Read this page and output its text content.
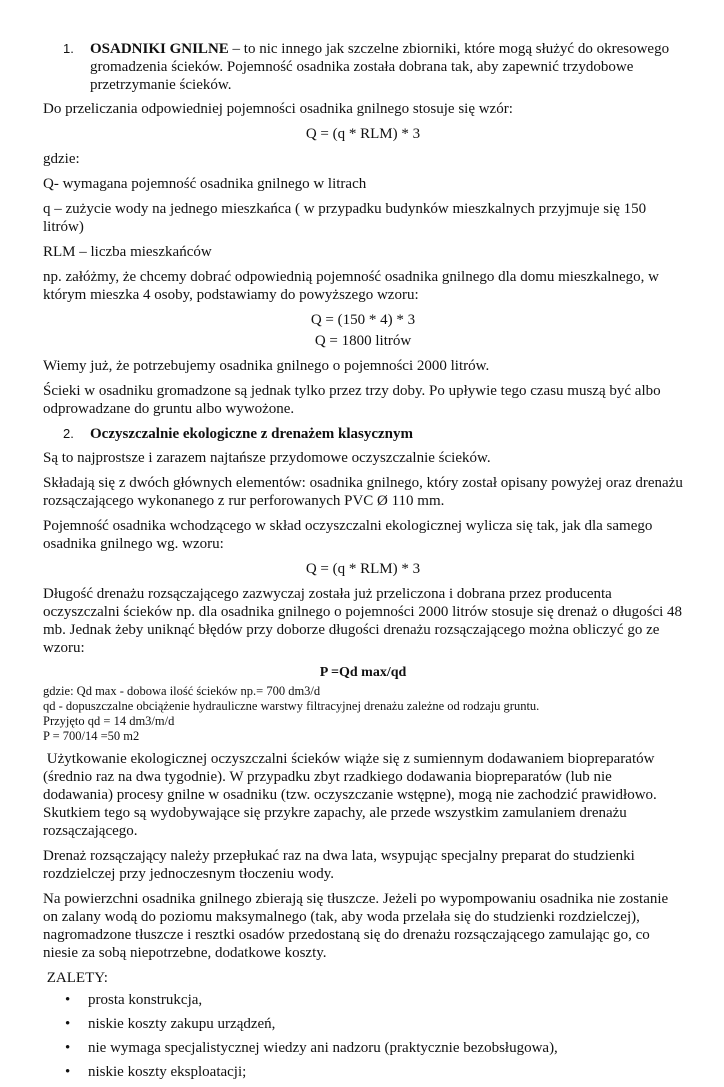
1. OSADNIKI GNILNE – to nic innego jak szczelne zbiorniki, które mogą służyć do okresowego gromadzenia ścieków. Pojemność osadnika została dobrana tak, aby zapewnić trzydobowe przetrzymanie ścieków.

Do przeliczania odpowiedniej pojemności osadnika gnilnego stosuje się wzór:

Q = (q * RLM) * 3

gdzie:

Q- wymagana pojemność osadnika gnilnego w litrach

q – zużycie wody na jednego mieszkańca ( w przypadku budynków mieszkalnych przyjmuje się 150 litrów)

RLM – liczba mieszkańców

np. załóżmy, że chcemy dobrać odpowiednią pojemność osadnika gnilnego dla domu mieszkalnego, w którym mieszka 4 osoby, podstawiamy do powyższego wzoru:

Q = (150 * 4) * 3

Q = 1800 litrów

Wiemy już, że potrzebujemy osadnika gnilnego o pojemności 2000 litrów.

Ścieki w osadniku gromadzone są jednak tylko przez trzy doby. Po upływie tego czasu muszą być albo odprowadzane do gruntu albo wywożone.

2. Oczyszczalnie ekologiczne z drenażem klasycznym

Są to najprostsze i zarazem najtańsze przydomowe oczyszczalnie ścieków.

Składają się z dwóch głównych elementów: osadnika gnilnego, który został opisany powyżej oraz drenażu rozsączającego wykonanego z rur perforowanych PVC Ø 110 mm.

Pojemność osadnika wchodzącego w skład oczyszczalni ekologicznej wylicza się tak, jak dla samego osadnika gnilnego wg. wzoru:

Q = (q * RLM) * 3

Długość drenażu rozsączającego zazwyczaj została już przeliczona i dobrana przez producenta oczyszczalni ścieków np. dla osadnika gnilnego o pojemności 2000 litrów stosuje się drenaż o długości 48 mb. Jednak żeby uniknąć błędów przy doborze długości drenażu rozsączającego można obliczyć go ze wzoru:

P =Qd max/qd

gdzie: Qd max - dobowa ilość ścieków np.= 700 dm3/d

qd - dopuszczalne obciążenie hydrauliczne warstwy filtracyjnej drenażu zależne od rodzaju gruntu.

Przyjęto qd = 14 dm3/m/d

P = 700/14 =50 m2

Użytkowanie ekologicznej oczyszczalni ścieków wiąże się z sumiennym dodawaniem biopreparatów (średnio raz na dwa tygodnie). W przypadku zbyt rzadkiego dodawania biopreparatów (lub nie dodawania) procesy gnilne w osadniku (tzw. oczyszczanie wstępne), mogą nie zachodzić prawidłowo. Skutkiem tego są wydobywające się przykre zapachy, ale przede wszystkim zamulaniem drenażu rozsączającego.

Drenaż rozsączający należy przepłukać raz na dwa lata, wsypując specjalny preparat do studzienki rozdzielczej przy jednoczesnym tłoczeniu wody.

Na powierzchni osadnika gnilnego zbierają się tłuszcze. Jeżeli po wypompowaniu osadnika nie zostanie on zalany wodą do poziomu maksymalnego (tak, aby woda przelała się do studzienki rozdzielczej), nagromadzone tłuszcze i resztki osadów przedostaną się do drenażu rozsączającego zamulając go, co niesie za sobą niepotrzebne, dodatkowe koszty.

ZALETY:

• prosta konstrukcja,
• niskie koszty zakupu urządzeń,
• nie wymaga specjalistycznej wiedzy ani nadzoru (praktycznie bezobsługowa),
• niskie koszty eksploatacji;
